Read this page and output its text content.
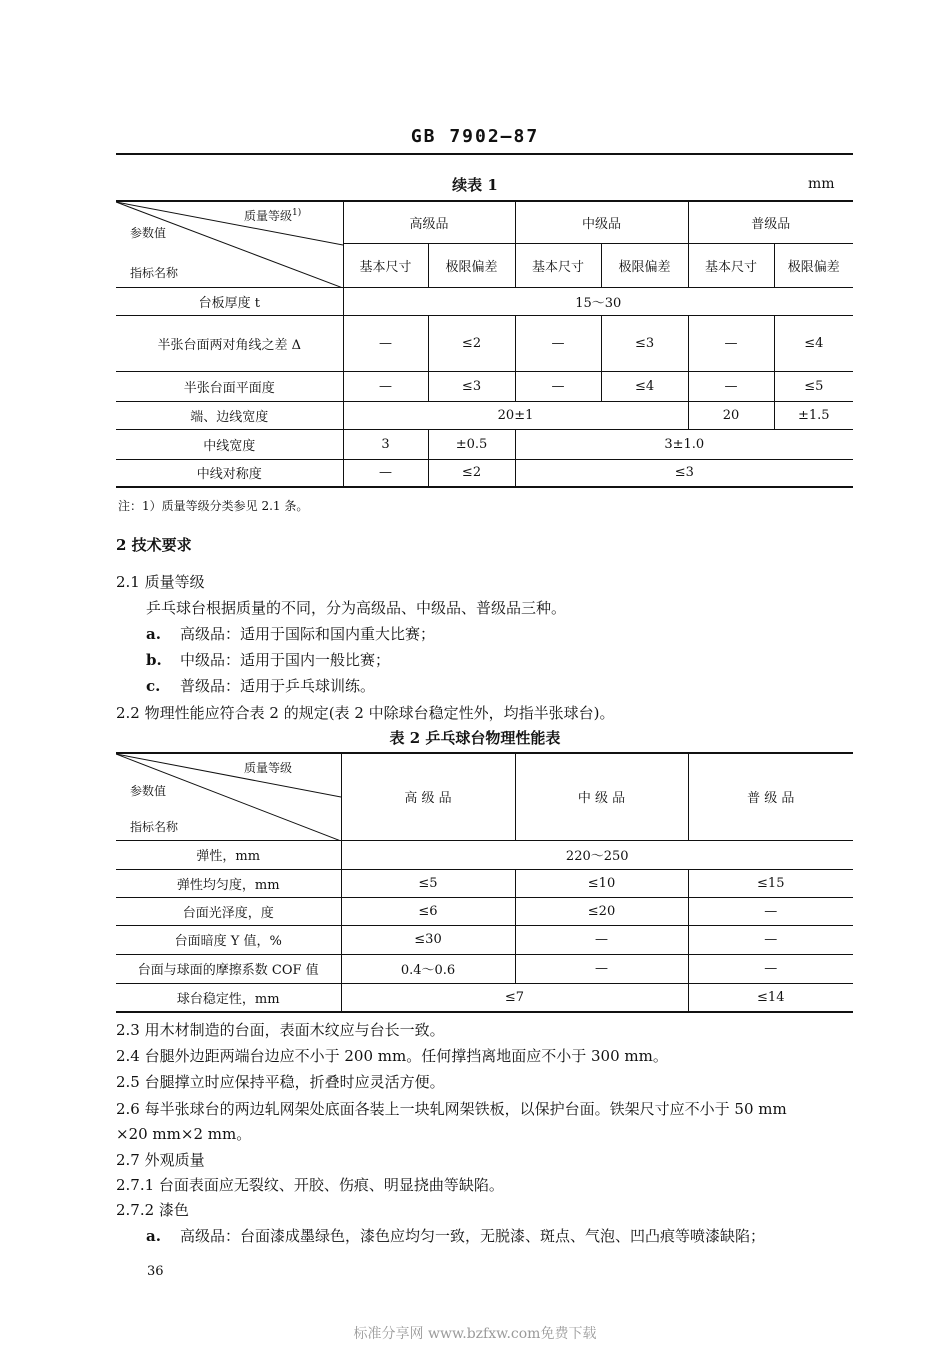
GB 7902—87
续表 1	mm
质量等级$^{1)}$
参数值
指标名称	高级品		中级品		普级品	
	基本尺寸	极限偏差	基本尺寸	极限偏差	基本尺寸	极限偏差
台板厚度 t	15～30					
半张台面两对角线之差 Δ	—	≤2	—	≤3	—	≤4
半张台面平面度	—	≤3	—	≤4	—	≤5
端、边线宽度	20±1				20	±1.5
中线宽度	3	±0.5	3±1.0			
中线对称度	—	≤2	≤3			
注：1）质量等级分类参见 2.1 条。
2 技术要求
2.1 质量等级
乒乓球台根据质量的不同，分为高级品、中级品、普级品三种。
a. 高级品：适用于国际和国内重大比赛；
b. 中级品：适用于国内一般比赛；
c. 普级品：适用于乒乓球训练。
2.2 物理性能应符合表 2 的规定(表 2 中除球台稳定性外，均指半张球台)。
表 2 乒乓球台物理性能表
质量等级
参数值
指标名称	高 级 品	中 级 品	普 级 品
弹性，mm	220～250		
弹性均匀度，mm	≤5	≤10	≤15
台面光泽度，度	≤6	≤20	—
台面暗度 Y 值，%	≤30	—	—
台面与球面的摩擦系数 COF 值	0.4～0.6	—	—
球台稳定性，mm	≤7		≤14
2.3 用木材制造的台面，表面木纹应与台长一致。
2.4 台腿外边距两端台边应不小于 200 mm。任何撑挡离地面应不小于 300 mm。
2.5 台腿撑立时应保持平稳，折叠时应灵活方便。
2.6 每半张球台的两边轧网架处底面各装上一块轧网架铁板，以保护台面。铁架尺寸应不小于 50 mm
×20 mm×2 mm。
2.7 外观质量
2.7.1 台面表面应无裂纹、开胶、伤痕、明显挠曲等缺陷。
2.7.2 漆色
a. 高级品：台面漆成墨绿色，漆色应均匀一致，无脱漆、斑点、气泡、凹凸痕等喷漆缺陷；
36
标准分享网 www.bzfxw.com免费下载
